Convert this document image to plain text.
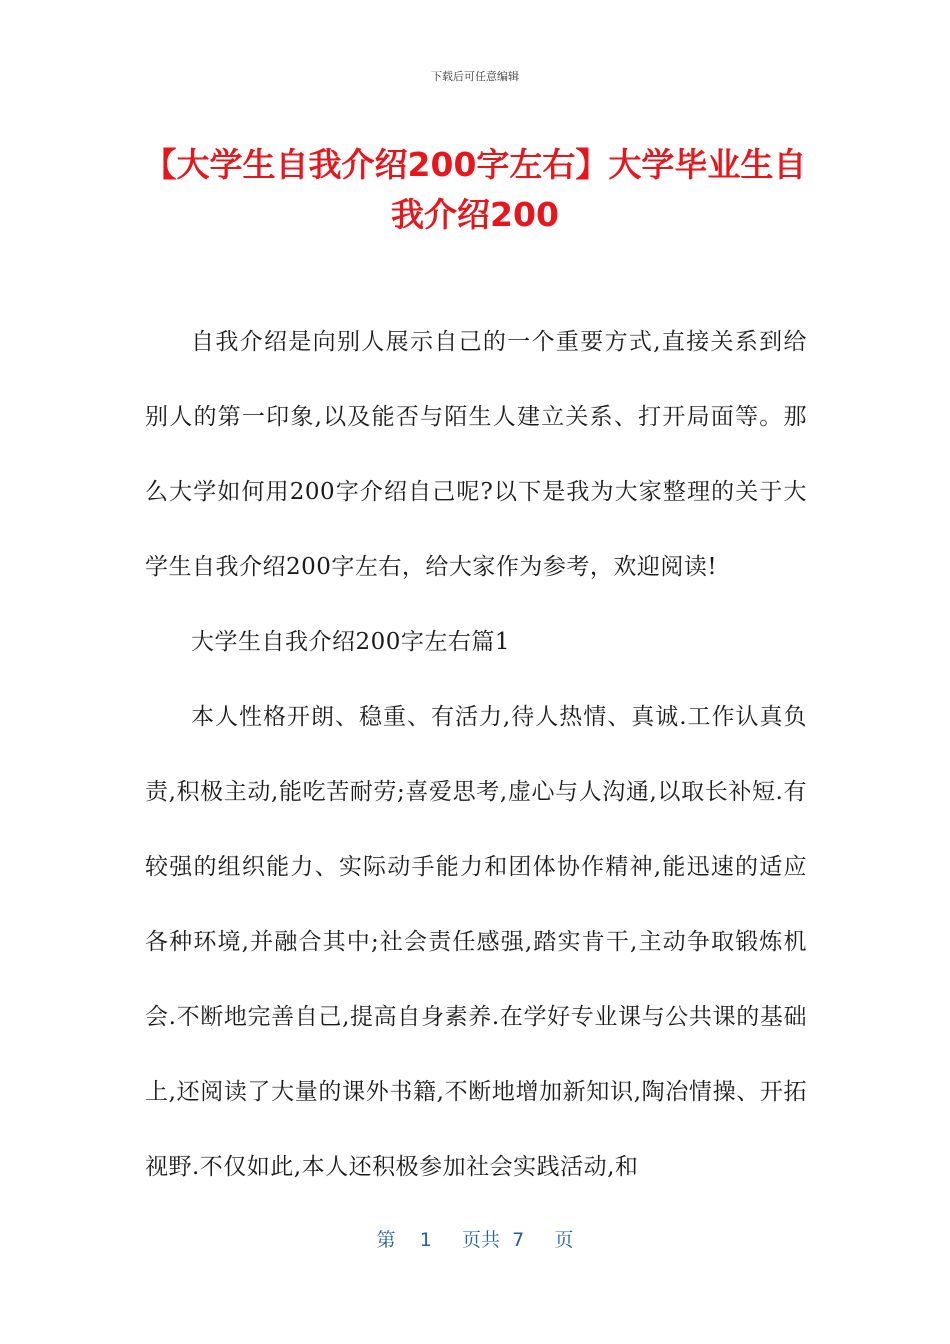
下载后可任意编辑
【大学生自我介绍200字左右】大学毕业生自我介绍200

自我介绍是向别人展示自己的一个重要方式,直接关系到给别人的第一印象,以及能否与陌生人建立关系、打开局面等。那么大学如何用200字介绍自己呢?以下是我为大家整理的关于大学生自我介绍200字左右，给大家作为参考，欢迎阅读!

大学生自我介绍200字左右篇1

本人性格开朗、稳重、有活力,待人热情、真诚.工作认真负责,积极主动,能吃苦耐劳;喜爱思考,虚心与人沟通,以取长补短.有较强的组织能力、实际动手能力和团体协作精神,能迅速的适应各种环境,并融合其中;社会责任感强,踏实肯干,主动争取锻炼机会.不断地完善自己,提高自身素养.在学好专业课与公共课的基础上,还阅读了大量的课外书籍,不断地增加新知识,陶冶情操、开拓视野.不仅如此,本人还积极参加社会实践活动,和

第 1 页共 7 页
